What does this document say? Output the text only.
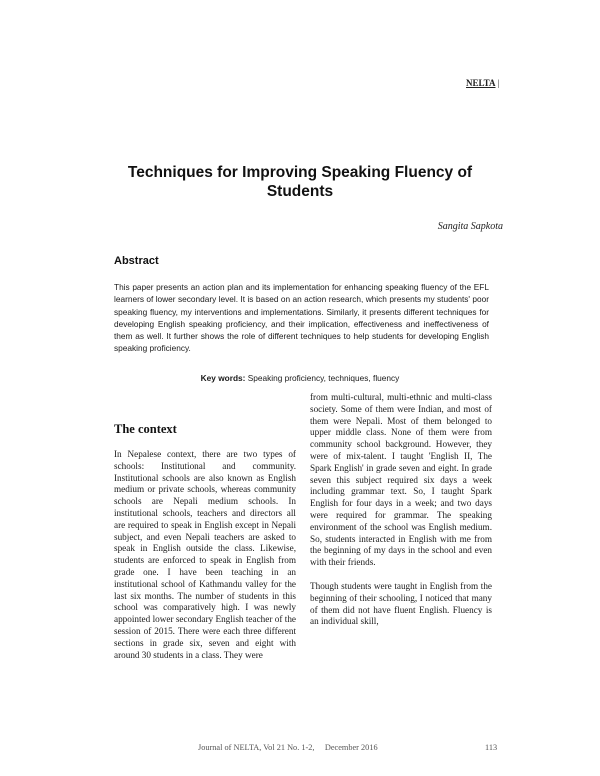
NELTA |
Techniques for Improving Speaking Fluency of Students
Sangita Sapkota
Abstract
This paper presents an action plan and its implementation for enhancing speaking fluency of the EFL learners of lower secondary level. It is based on an action research, which presents my students' poor speaking fluency, my interventions and implementations. Similarly, it presents different techniques for developing English speaking proficiency, and their implication, effectiveness and ineffectiveness of them as well. It further shows the role of different techniques to help students for developing English speaking proficiency.
Key words: Speaking proficiency, techniques, fluency
The context

In Nepalese context, there are two types of schools: Institutional and community. Institutional schools are also known as English medium or private schools, whereas community schools are Nepali medium schools. In institutional schools, teachers and directors all are required to speak in English except in Nepali subject, and even Nepali teachers are asked to speak in English outside the class. Likewise, students are enforced to speak in English from grade one. I have been teaching in an institutional school of Kathmandu valley for the last six months. The number of students in this school was comparatively high. I was newly appointed lower secondary English teacher of the session of 2015. There were each three different sections in grade six, seven and eight with around 30 students in a class. They were

from multi-cultural, multi-ethnic and multi-class society. Some of them were Indian, and most of them were Nepali. Most of them belonged to upper middle class. None of them were from community school background. However, they were of mix-talent. I taught 'English II, The Spark English' in grade seven and eight. In grade seven this subject required six days a week including grammar text. So, I taught Spark English for four days in a week; and two days were required for grammar. The speaking environment of the school was English medium. So, students interacted in English with me from the beginning of my days in the school and even with their friends.

Though students were taught in English from the beginning of their schooling, I noticed that many of them did not have fluent English. Fluency is an individual skill,

Journal of NELTA, Vol 21 No. 1-2,     December 2016	113
